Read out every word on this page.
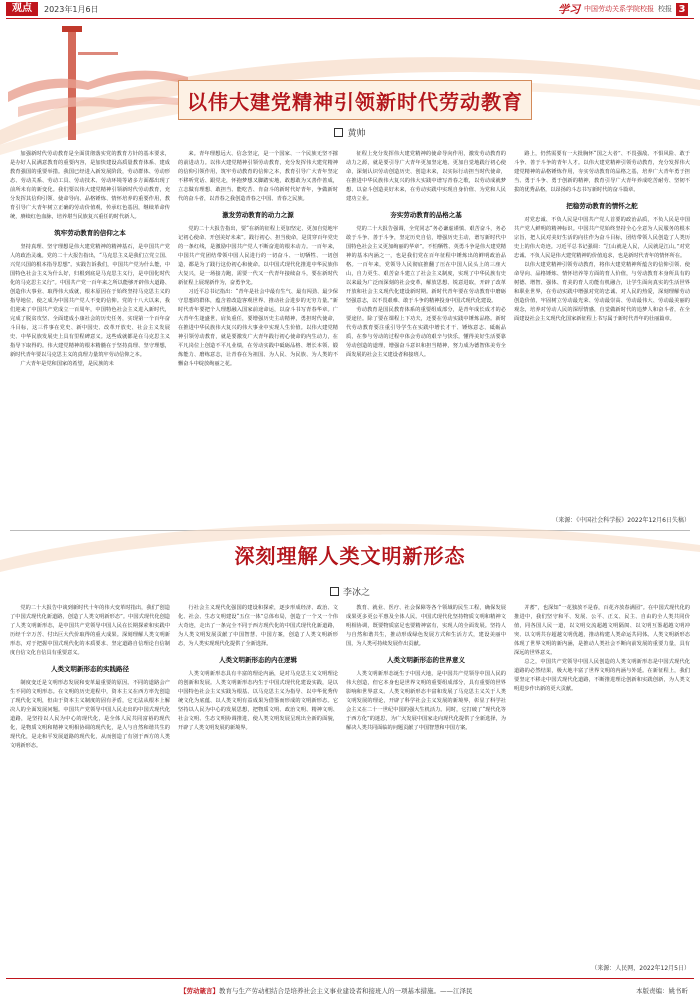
观点	2023年1月6日	学习 中国劳动关系学院校报 校报 3
以伟大建党精神引领新时代劳动教育
黄帅

加强新时代劳动教育是全面贯彻落实党的教育方针的基本要求，是办好人民满意教育的重要内容，是加快建设高质量教育体系、建成教育强国的重要举措。我国已经进入新发展阶段，劳动群体、劳动形态、劳动关系、劳动工具、劳动技术、劳动环境等诸多方面都出现了前所未有的新变化。我们要以伟大建党精神引领新时代劳动教育，充分发挥其信仰引领、使命导向、品格锤炼、情怀培养的重要作用，教育引导广大青年树立正确的劳动价值观，传承红色基因，继续革命传统，赓续红色血脉，培养堪当民族复兴重任的时代新人。

筑牢劳动教育的信仰之本

坚持真理、坚守理想是伟大建党精神的精神基石，是中国共产党人的政治灵魂。党的二十大报告指出，“马克思主义是我们立党立国、兴党兴国的根本指导思想”。实践告诉我们，中国共产党为什么能，中国特色社会主义为什么好，归根到底是马克思主义行，是中国化时代化的马克思主义行”。中国共产党一百年来之所以能够开辟伟大道路、创造伟大事业、取得伟大成就，根本原因在于始终坚持马克思主义的指导地位，使之成为中国共产党人不变的信仰。党的十八大以来，我们迎来了中国共产党成立一百周年，中国特色社会主义进入新时代，完成了脱贫攻坚、全面建成小康社会的历史任务，实现第一个百年奋斗目标，这三件事在党史、新中国史、改革开放史、社会主义发展史、中华民族发展史上具有里程碑意义。这些成就都是在马克思主义指导下取得的。伟大建党精神的根本精髓在于坚持真理、坚守理想，新时代青年要以马克思主义的真理力量筑牢劳动信仰之本。

广大青年是党和国家的希望，是民族的未

来。青年理想远大、信念坚定，是一个国家、一个民族无坚不摧的前进动力。以伟大建党精神引领劳动教育，充分发挥伟大建党精神的信仰引领作用，筑牢劳动教育的信仰之本，教育引导广大青年坚定不移听党话、跟党走，怀抱梦想又脚踏实地，敢想敢为又善作善成，立志做有理想、敢担当、能吃苦、肯奋斗的新时代好青年，争做新时代的奋斗者，以青春之我创造青春之中国、青春之民族。

激发劳动教育的动力之源

党的二十大报告指出，要“在新的征程上更加坚定、更加自觉地牢记初心使命、开创美好未来”。践行初心、担当使命，是贯穿百年党史的一条红线，是激励中国共产党人不断奋进的根本动力。一百年来，中国共产党团结带领中国人民进行的一切奋斗、一切牺牲、一切创造，都是为了践行这份初心和使命。以中国式现代化推进中华民族伟大复兴，是一场接力跑，需要一代又一代青年接续奋斗，要在新时代新征程上展现新作为，奋勇争先。

习近平总书记指出：“青年是社会中最有生气、最有闯劲、最少保守思想的群体，蕴含着改造客观世界、推动社会进步的无穷力量。”新时代青年要把个人理想融入国家前途命运，以奋斗书写青春华章。广大青年生逢盛世，肩负重任，要增强历史主动精神，勇担时代使命，在推进中华民族伟大复兴的伟大事业中实现人生价值。以伟大建党精神引领劳动教育，就是要激发广大青年践行初心使命的内生动力，在平凡岗位上创造不平凡业绩，在劳动实践中砥砺品格、增长本领、锻炼能力、磨练意志，让青春在为祖国、为人民、为民族、为人类的不懈奋斗中绽放绚丽之花。

征程上充分发挥伟大建党精神的使命导向作用，激发劳动教育的动力之源，就是要引导广大青年更加坚定地、更加自觉地践行初心使命，深刻认识劳动创造历史、创造未来，以实际行动担当时代使命，在推进中华民族伟大复兴的伟大实践中谱写青春之歌，以劳动成就梦想、以奋斗创造美好未来，在劳动实践中实现自身价值、为党和人民建功立业。

夯实劳动教育的品格之基

党的二十大报告强调，全党同志“务必谦虚谨慎、艰苦奋斗，务必敢于斗争、善于斗争，坚定历史自信，增强历史主动，谱写新时代中国特色社会主义更加绚丽的华章”。不怕牺牲、英勇斗争是伟大建党精神的基本内涵之一，也是我们党在百年征程中锤炼出的鲜明政治品格。一百年来，党领导人民彻底推翻了压在中国人民头上的三座大山，自力更生、艰苦奋斗建立了社会主义制度，实现了中华民族有史以来最为广泛而深刻的社会变革，解放思想、锐意进取，开辟了改革开放和社会主义现代化建设新时期。新时代青年要在劳动教育中磨砺坚强意志，以不畏艰难、敢于斗争的精神投身中国式现代化建设。

劳动教育是国民教育体系的重要组成部分，是青年成长成才的必要途径。除了要在课程上下功夫，还要在劳动实践中锤炼品格。新时代劳动教育要注重引导学生在实践中增长才干、锤炼意志、砥砺品质，在参与劳动的过程中体会劳动的艰辛与快乐，懂得美好生活要靠劳动创造的道理，增强奋斗意识和担当精神，努力成为德智体美劳全面发展的社会主义建设者和接班人。

路上，仍然需要有一大批胸怀“国之大者”、不畏强敌、不惧风险、敢于斗争、善于斗争的青年人才。以伟大建党精神引领劳动教育，充分发挥伟大建党精神的品格锤炼作用，夯实劳动教育的品格之基，培养广大青年勇于担当、勇于斗争、勇于创新的精神，教育引导广大青年养成吃苦耐劳、坚韧不拔的优秀品格，以昂扬的斗志书写新时代的奋斗篇章。

把稳劳动教育的情怀之舵

对党忠诚、不负人民是中国共产党人首要的政治品质，不负人民是中国共产党人鲜明的精神标识。中国共产党始终坚持全心全意为人民服务的根本宗旨，把人民对美好生活的向往作为奋斗目标，团结带领人民创造了人类历史上的伟大奇迹。习近平总书记强调：“江山就是人民，人民就是江山。”对党忠诚、不负人民是伟大建党精神的价值追求，也是新时代青年的情怀所在。

以伟大建党精神引领劳动教育，将伟大建党精神所蕴含的信仰引领、使命导向、品格锤炼、情怀培养等方面的育人价值，与劳动教育本身所具有的树德、增智、强体、育美的育人功能有机融合，让学生面向真实的生活世界和职业世界，在劳动实践中增强对党的忠诚、对人民的热爱，深刻理解劳动创造价值，牢固树立劳动最光荣、劳动最崇高、劳动最伟大、劳动最美丽的观念，培养对劳动人民的深厚情感，自觉做新时代的追梦人和奋斗者，在全面建设社会主义现代化国家新征程上书写属于新时代青年的壮丽篇章。

（来源：《中国社会科学报》2022年12月6日失稿）
深刻理解人类文明新形态
李冰之

党的二十大报告中谈到新时代十年的伟大变革时指出，我们“创造了中国式现代化新道路，创造了人类文明新形态”。中国式现代化创造了人类文明新形态，是中国共产党领导中国人民在长期探索和实践中历经千辛万苦、付出巨大代价取得的重大成果。深刻理解人类文明新形态，对于把握中国式现代化的本质要求、坚定道路自信理论自信制度自信文化自信具有重要意义。

人类文明新形态的实践路径

制度变迁是文明形态发展和变革最重要的原因。不同的道路会产生不同的文明形态。在文明的历史进程中，资本主义在西方率先创造了现代化文明，但由于资本主义制度的固有矛盾，它无法从根本上解决人的全面发展问题。中国共产党领导中国人民走出的中国式现代化道路，是坚持以人民为中心的现代化，是全体人民共同富裕的现代化，是物质文明和精神文明相协调的现代化，是人与自然和谐共生的现代化，是走和平发展道路的现代化，从而创造了有别于西方的人类文明新形态。

行社会主义现代化强国的建设和探索，逐步形成经济、政治、文化、社会、生态文明建设“五位一体”总体布局，创造了一个又一个伟大奇迹，走出了一条完全不同于西方现代化的中国式现代化新道路，为人类文明发展贡献了中国智慧、中国方案，创造了人类文明新形态，为人类实现现代化提供了全新选择。

人类文明新形态的内在逻辑

人类文明新形态具有丰富的理论内涵，是对马克思主义文明理论的创新和发展。人类文明新形态内生于中国式现代化建设实践，是以中国特色社会主义实践为根基、以马克思主义为指导、以中华优秀传统文化为底蕴、以人类文明有益成果为借鉴而形成的文明新形态。它坚持以人民为中心的发展思想，把物质文明、政治文明、精神文明、社会文明、生态文明协调推进，使人类文明发展呈现出全新的面貌，开辟了人类文明发展的新境界。

教育、就业、医疗、社会保障等各个领域的民生工程，确保发展成果更多更公平惠及全体人民。中国式现代化坚持物质文明和精神文明相协调，既要物质富足也要精神富有，实现人的全面发展。坚持人与自然和谐共生，推动形成绿色发展方式和生活方式，建设美丽中国，为人类可持续发展作出贡献。

人类文明新形态的世界意义

人类文明新形态诞生于中国大地，是中国共产党领导中国人民的伟大创造，但它本身也是世界文明的重要组成部分，具有重要的世界影响和世界意义。人类文明新形态丰富和发展了马克思主义关于人类文明发展的理论，开辟了科学社会主义发展的新境界，彰显了科学社会主义在二十一世纪中国的强大生机活力。同时，它打破了“现代化等于西方化”的迷思，为广大发展中国家走向现代化提供了全新选择，为解决人类共同面临的问题贡献了中国智慧和中国方案。

并蓄”，也深知“一花独放不是春，百花齐放春满园”。在中国式现代化的推进中，我们坚守和平、发展、公平、正义、民主、自由的全人类共同价值，同各国人民一道，以文明交流超越文明隔阂、以文明互鉴超越文明冲突、以文明共存超越文明优越，推动构建人类命运共同体。人类文明新形态体现了世界文明的新内涵，是推动人类社会不断向前发展的重要力量，具有深远的世界意义。

总之，中国共产党领导中国人民创造的人类文明新形态是中国式现代化道路的必然结果，极大地丰富了世界文明的内涵与外延。在新征程上，我们要坚定不移走中国式现代化道路，不断推进理论创新和实践创新，为人类文明进步作出新的更大贡献。

（来源：人民网，2022年12月5日）
【劳动箴言】教育与生产劳动相结合是培养社会主义事业建设者和接班人的一项基本措施。——江泽民	本版责编：姚书昕
